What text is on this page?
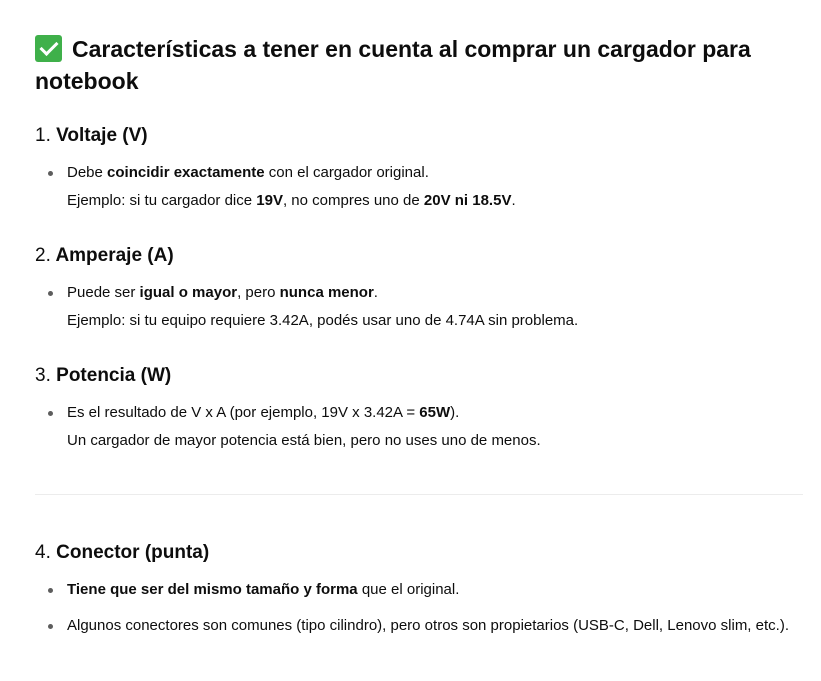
Características a tener en cuenta al comprar un cargador para notebook
1. Voltaje (V)
Debe coincidir exactamente con el cargador original.
Ejemplo: si tu cargador dice 19V, no compres uno de 20V ni 18.5V.
2. Amperaje (A)
Puede ser igual o mayor, pero nunca menor.
Ejemplo: si tu equipo requiere 3.42A, podés usar uno de 4.74A sin problema.
3. Potencia (W)
Es el resultado de V x A (por ejemplo, 19V x 3.42A = 65W).
Un cargador de mayor potencia está bien, pero no uses uno de menos.
4. Conector (punta)
Tiene que ser del mismo tamaño y forma que el original.
Algunos conectores son comunes (tipo cilindro), pero otros son propietarios (USB-C, Dell, Lenovo slim, etc.).
